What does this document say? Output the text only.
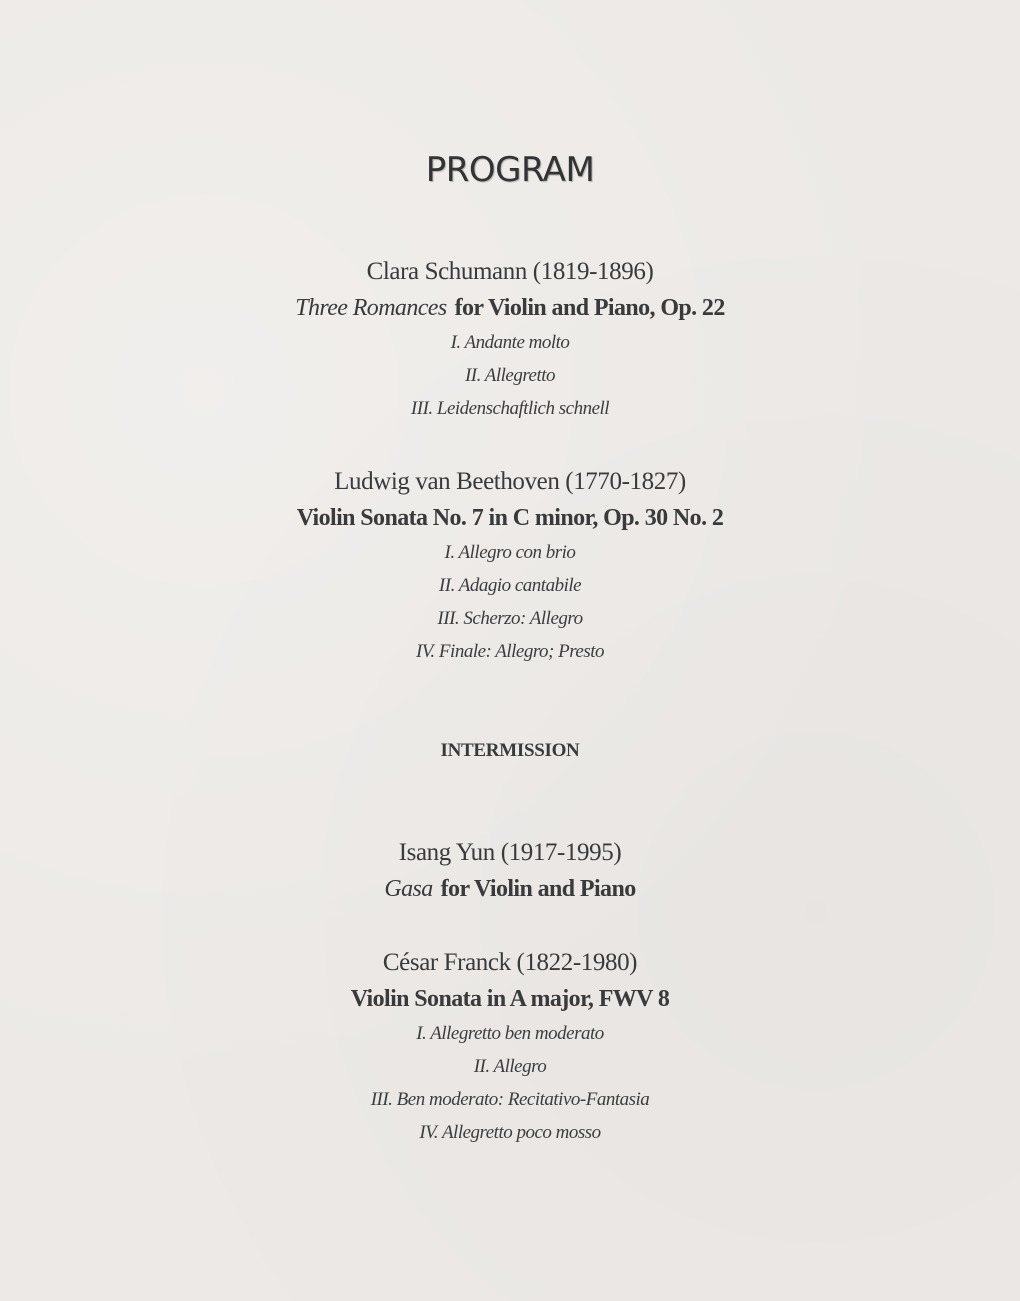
PROGRAM
Clara Schumann (1819-1896)
Three Romances for Violin and Piano, Op. 22
I. Andante molto
II. Allegretto
III. Leidenschaftlich schnell
Ludwig van Beethoven (1770-1827)
Violin Sonata No. 7 in C minor, Op. 30 No. 2
I. Allegro con brio
II. Adagio cantabile
III. Scherzo: Allegro
IV. Finale: Allegro; Presto
INTERMISSION
Isang Yun (1917-1995)
Gasa for Violin and Piano
César Franck (1822-1980)
Violin Sonata in A major, FWV 8
I. Allegretto ben moderato
II. Allegro
III. Ben moderato: Recitativo-Fantasia
IV. Allegretto poco mosso
